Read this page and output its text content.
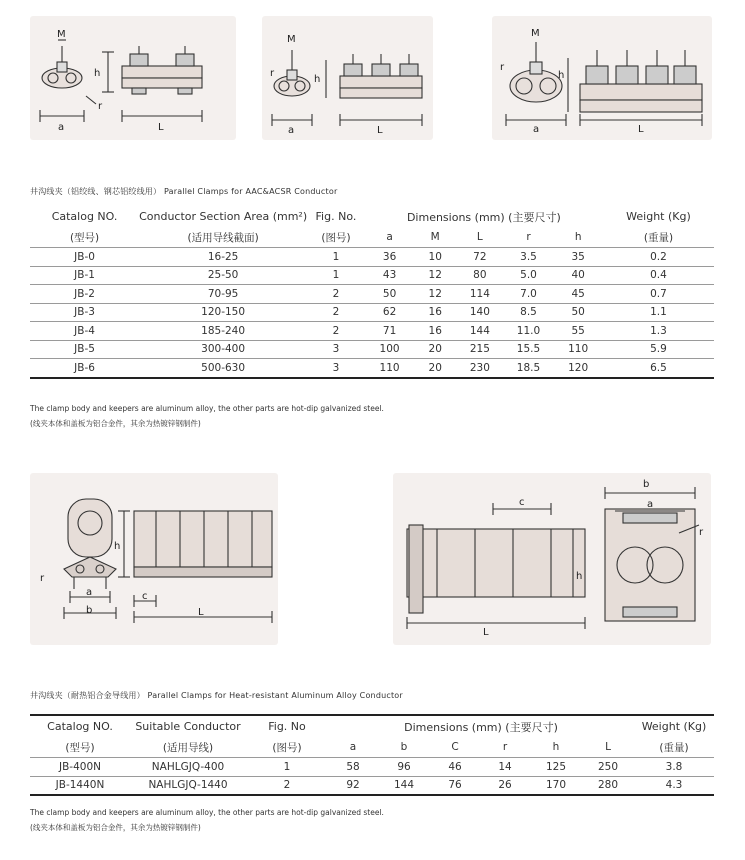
M
h
r
a	L
M
h
r
a	L
M
h
r
a	L
井沟线夹（铝绞线、钢芯铝绞线用） Parallel Clamps for AAC&ACSR Conductor
Catalog NO.	Conductor Section Area (mm²)	Fig. No.	Dimensions (mm) (主要尺寸)					Weight (Kg)
(型号)	(适用导线截面)	(图号)	a	M	L	r	h	(重量)
JB-0	16-25	1	36	10	72	3.5	35	0.2
JB-1	25-50	1	43	12	80	5.0	40	0.4
JB-2	70-95	2	50	12	114	7.0	45	0.7
JB-3	120-150	2	62	16	140	8.5	50	1.1
JB-4	185-240	2	71	16	144	11.0	55	1.3
JB-5	300-400	3	100	20	215	15.5	110	5.9
JB-6	500-630	3	110	20	230	18.5	120	6.5
The clamp body and keepers are aluminum alloy, the other parts are hot-dip galvanized steel.
(线夹本体和盖板为铝合金件，其余为热镀锌钢制件)
h
r
a
b
c
L
c
h
L
b
a
r
井沟线夹（耐热铝合金导线用） Parallel Clamps for Heat-resistant Aluminum Alloy Conductor
Catalog NO.	Suitable Conductor	Fig. No	Dimensions (mm) (主要尺寸)						Weight (Kg)
(型号)	(适用导线)	(图号)	a	b	C	r	h	L	(重量)
JB-400N	NAHLGJQ-400	1	58	96	46	14	125	250	3.8
JB-1440N	NAHLGJQ-1440	2	92	144	76	26	170	280	4.3
The clamp body and keepers are aluminum alloy, the other parts are hot-dip galvanized steel.
(线夹本体和盖板为铝合金件，其余为热镀锌钢制件)
